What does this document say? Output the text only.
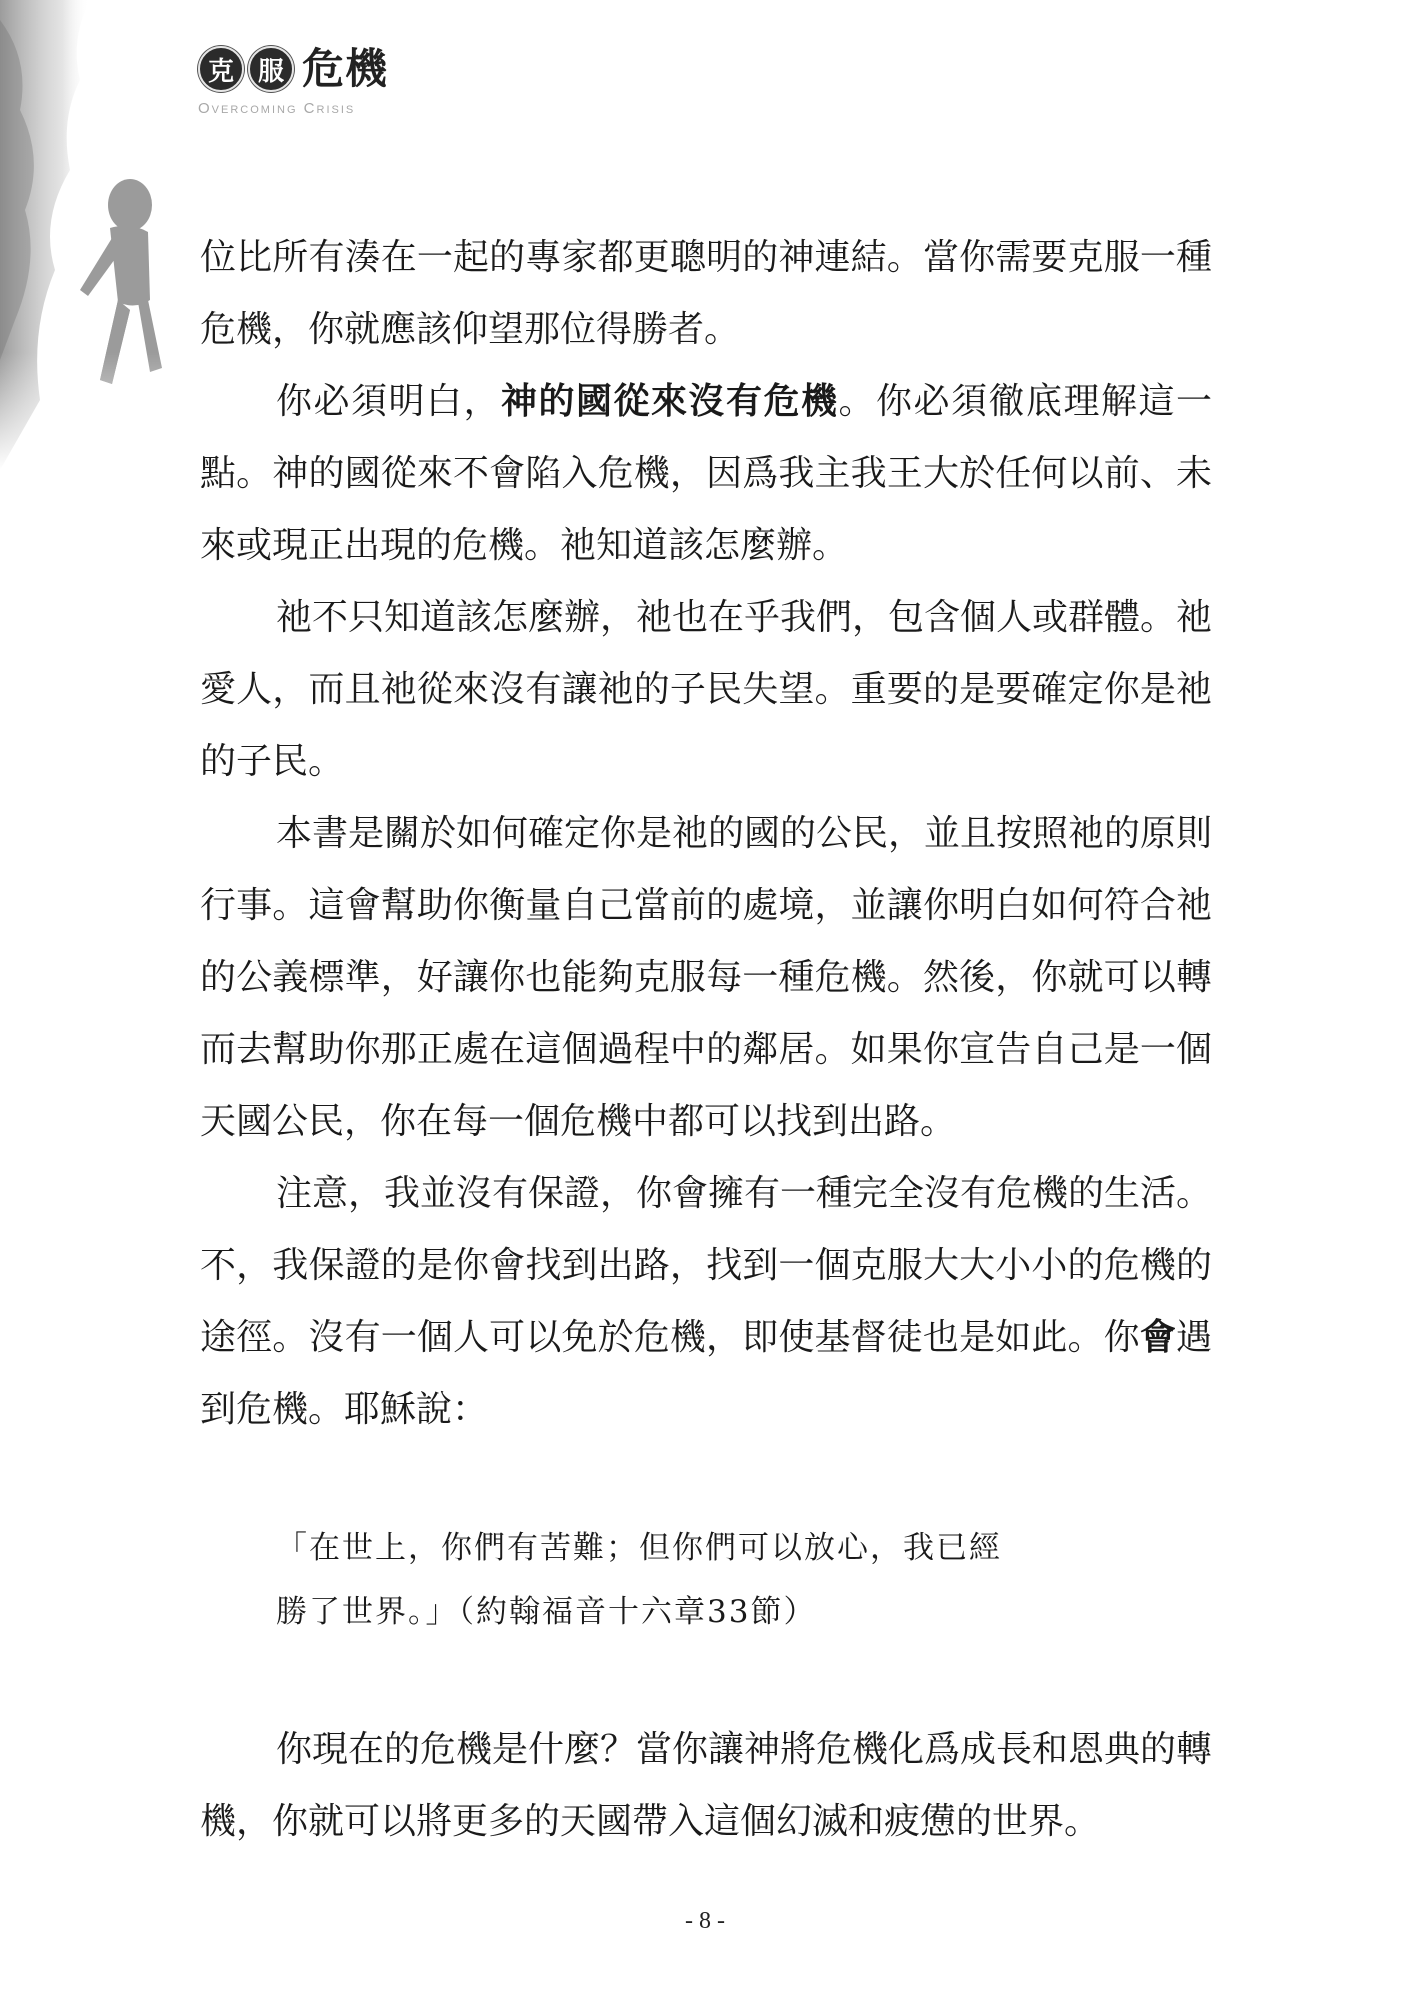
克 服 危機
Overcoming Crisis

位比所有湊在一起的專家都更聰明的神連結。當你需要克服一種危機，你就應該仰望那位得勝者。

你必須明白，神的國從來沒有危機。你必須徹底理解這一點。神的國從來不會陷入危機，因爲我主我王大於任何以前、未來或現正出現的危機。祂知道該怎麼辦。

祂不只知道該怎麼辦，祂也在乎我們，包含個人或群體。祂愛人，而且祂從來沒有讓祂的子民失望。重要的是要確定你是祂的子民。

本書是關於如何確定你是祂的國的公民，並且按照祂的原則行事。這會幫助你衡量自己當前的處境，並讓你明白如何符合祂的公義標準，好讓你也能夠克服每一種危機。然後，你就可以轉而去幫助你那正處在這個過程中的鄰居。如果你宣告自己是一個天國公民，你在每一個危機中都可以找到出路。

注意，我並沒有保證，你會擁有一種完全沒有危機的生活。不，我保證的是你會找到出路，找到一個克服大大小小的危機的途徑。沒有一個人可以免於危機，即使基督徒也是如此。你會遇到危機。耶穌說：

「在世上，你們有苦難；但你們可以放心，我已經
勝了世界。」（約翰福音十六章33節）

你現在的危機是什麼？當你讓神將危機化爲成長和恩典的轉機，你就可以將更多的天國帶入這個幻滅和疲憊的世界。

- 8 -
